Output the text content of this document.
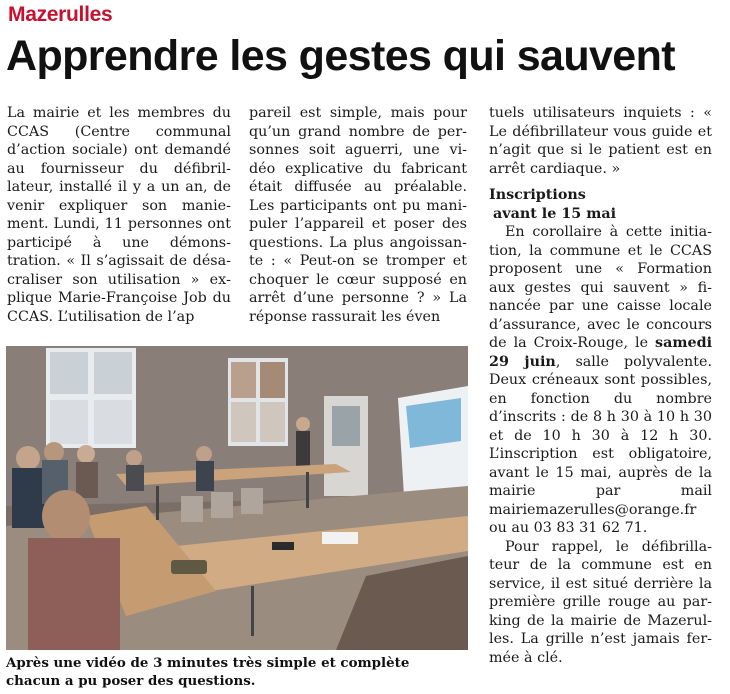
Mazerulles
Apprendre les gestes qui sauvent

La mairie et les membres du CCAS (Centre communal d’action sociale) ont demandé au fournisseur du défibrillateur, installé il y a un an, de venir expliquer son maniement. Lundi, 11 personnes ont participé à une démonstration. « Il s’agissait de désacraliser son utilisation » explique Marie-Françoise Job du CCAS. L’utilisation de l’ap

pareil est simple, mais pour qu’un grand nombre de personnes soit aguerri, une vidéo explicative du fabricant était diffusée au préalable. Les participants ont pu manipuler l’appareil et poser des questions. La plus angoissante : « Peut-on se tromper et choquer le cœur supposé en arrêt d’une personne ? » La réponse rassurait les éven

tuels utilisateurs inquiets : « Le défibrillateur vous guide et n’agit que si le patient est en arrêt cardiaque. »

Inscriptions
avant le 15 mai

En corollaire à cette initiation, la commune et le CCAS proposent une « Formation aux gestes qui sauvent » financée par une caisse locale d’assurance, avec le concours de la Croix-Rouge, le samedi 29 juin, salle polyvalente. Deux créneaux sont possibles, en fonction du nombre d’inscrits : de 8 h 30 à 10 h 30 et de 10 h 30 à 12 h 30. L’inscription est obligatoire, avant le 15 mai, auprès de la mairie par mail mairiemazerulles@orange.fr ou au 03 83 31 62 71.

Pour rappel, le défibrillateur de la commune est en service, il est situé derrière la première grille rouge au parking de la mairie de Mazerulles. La grille n’est jamais fermée à clé.

Après une vidéo de 3 minutes très simple et complète
chacun a pu poser des questions.
